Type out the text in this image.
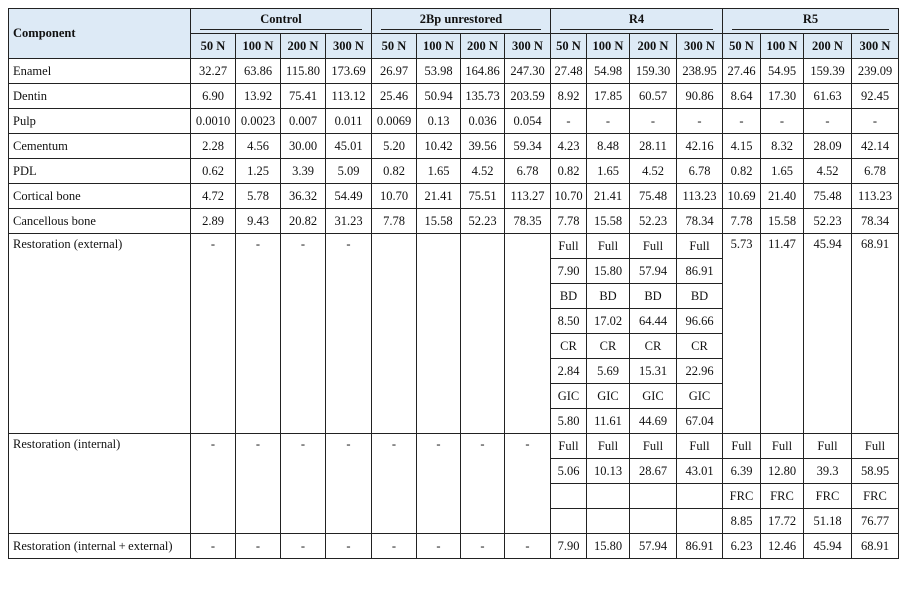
Component	Control				2Bp unrestored				R4				R5			

	50 N	100 N	200 N	300 N	50 N	100 N	200 N	300 N	50 N	100 N	200 N	300 N	50 N	100 N	200 N	300 N
Enamel	32.27	63.86	115.80	173.69	26.97	53.98	164.86	247.30	27.48	54.98	159.30	238.95	27.46	54.95	159.39	239.09
Dentin	6.90	13.92	75.41	113.12	25.46	50.94	135.73	203.59	8.92	17.85	60.57	90.86	8.64	17.30	61.63	92.45
Pulp	0.0010	0.0023	0.007	0.011	0.0069	0.13	0.036	0.054	-	-	-	-	-	-	-	-
Cementum	2.28	4.56	30.00	45.01	5.20	10.42	39.56	59.34	4.23	8.48	28.11	42.16	4.15	8.32	28.09	42.14
PDL	0.62	1.25	3.39	5.09	0.82	1.65	4.52	6.78	0.82	1.65	4.52	6.78	0.82	1.65	4.52	6.78
Cortical bone	4.72	5.78	36.32	54.49	10.70	21.41	75.51	113.27	10.70	21.41	75.48	113.23	10.69	21.40	75.48	113.23
Cancellous bone	2.89	9.43	20.82	31.23	7.78	15.58	52.23	78.35	7.78	15.58	52.23	78.34	7.78	15.58	52.23	78.34
Restoration (external)	-	-	-	-					Full	Full	Full	Full	5.73	11.47	45.94	68.91
									7.90	15.80	57.94	86.91				
									BD	BD	BD	BD				
									8.50	17.02	64.44	96.66				
									CR	CR	CR	CR				
									2.84	5.69	15.31	22.96				
									GIC	GIC	GIC	GIC				
									5.80	11.61	44.69	67.04				
Restoration (internal)	-	-	-	-	-	-	-	-	Full	Full	Full	Full	Full	Full	Full	Full
									5.06	10.13	28.67	43.01	6.39	12.80	39.3	58.95
													FRC	FRC	FRC	FRC
													8.85	17.72	51.18	76.77
Restoration (internal + external)	-	-	-	-	-	-	-	-	7.90	15.80	57.94	86.91	6.23	12.46	45.94	68.91
